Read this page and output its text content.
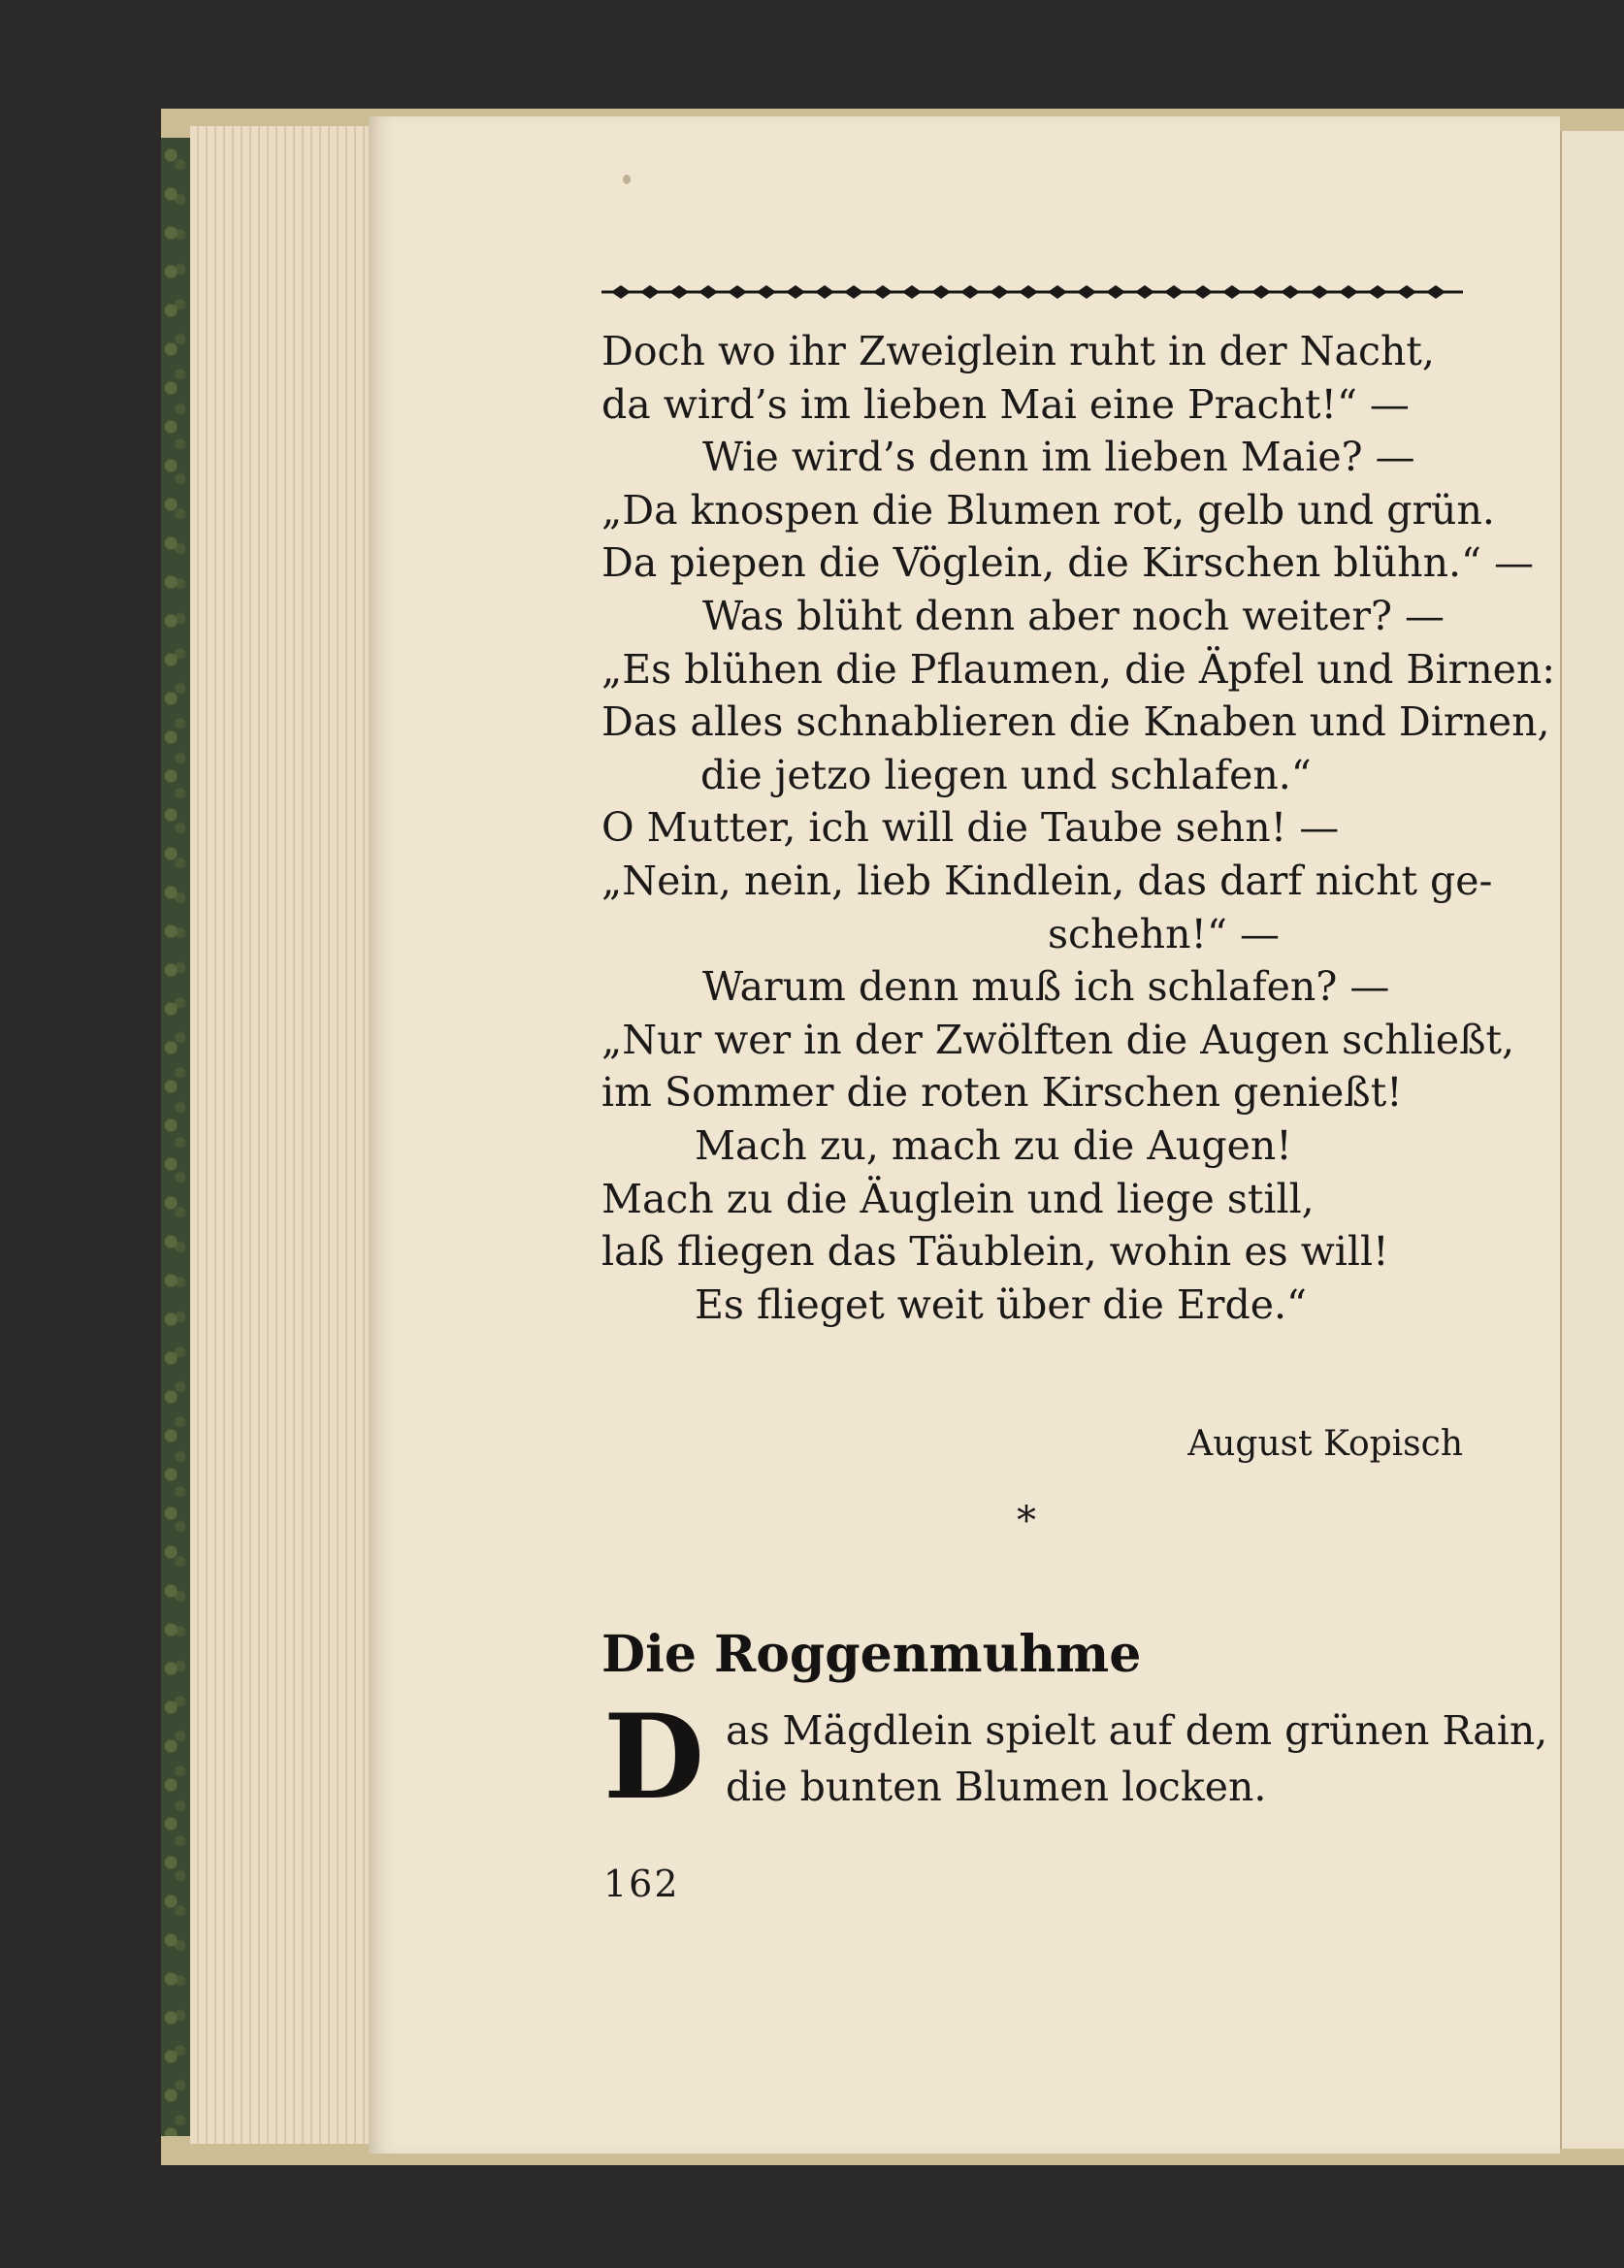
Doch wo ihr Zweiglein ruht in der Nacht,
da wird’s im lieben Mai eine Pracht!“ —
Wie wird’s denn im lieben Maie? —
„Da knospen die Blumen rot, gelb und grün.
Da piepen die Vöglein, die Kirschen blühn.“ —
Was blüht denn aber noch weiter? —
„Es blühen die Pflaumen, die Äpfel und Birnen:
Das alles schnablieren die Knaben und Dirnen,
die jetzo liegen und schlafen.“
O Mutter, ich will die Taube sehn! —
„Nein, nein, lieb Kindlein, das darf nicht ge-
schehn!“ —
Warum denn muß ich schlafen? —
„Nur wer in der Zwölften die Augen schließt,
im Sommer die roten Kirschen genießt!
Mach zu, mach zu die Augen!
Mach zu die Äuglein und liege still,
laß fliegen das Täublein, wohin es will!
Es flieget weit über die Erde.“
August Kopisch
*
Die Roggenmuhme
D as Mägdlein spielt auf dem grünen Rain,
die bunten Blumen locken.
162
